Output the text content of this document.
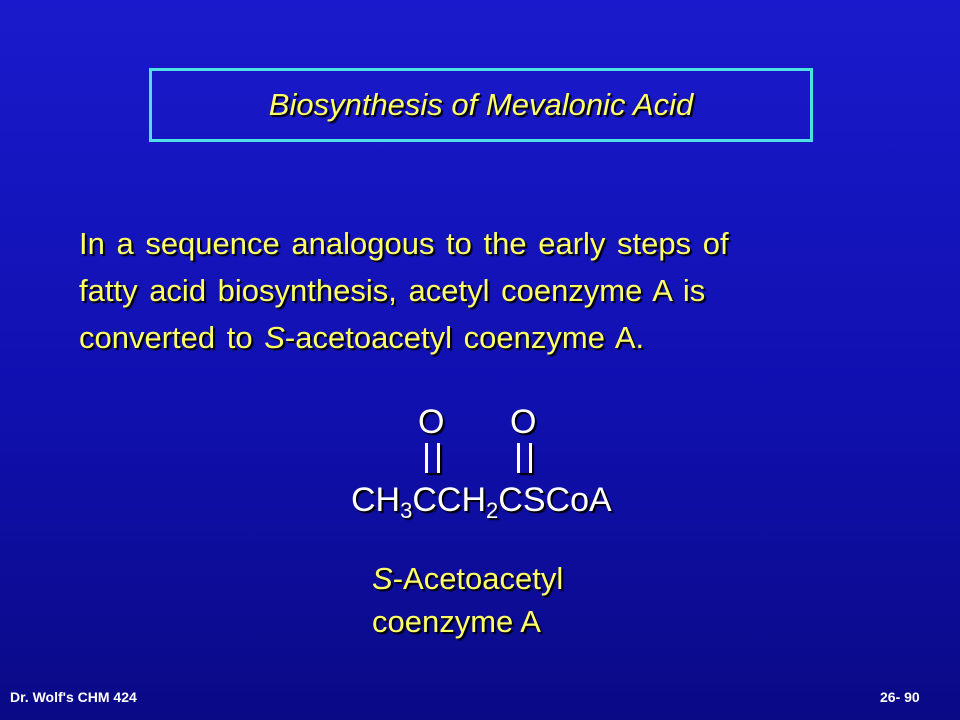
Biosynthesis of Mevalonic Acid
In a sequence analogous to the early steps of
fatty acid biosynthesis, acetyl coenzyme A is
converted to S-acetoacetyl coenzyme A.
O O
$CH_3CCH_2CSCoA$
S-Acetoacetyl
coenzyme A
Dr. Wolf's CHM 424	26- 90
